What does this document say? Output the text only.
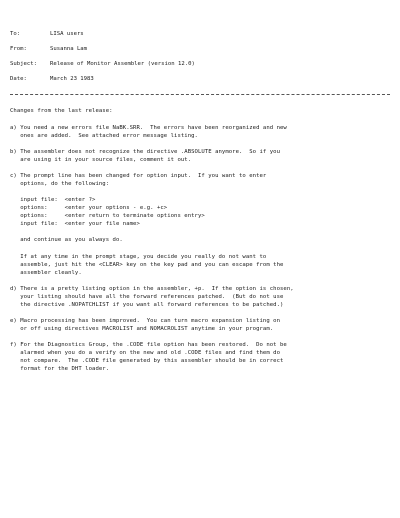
To:	LISA users
From:	Susanna Lam
Subject: Release of Monitor Assembler (version 12.0)
Date:	March 23 1983
Changes from the last release:
a) You need a new errors file NaBK.SRR.  The errors have been reorganized and new
ones are added.  See attached error message listing.
b) The assembler does not recognize the directive .ABSOLUTE anymore.  So if you
are using it in your source files, comment it out.
c) The prompt line has been changed for option input.  If you want to enter
options, do the following:
input file:  <enter ?>
options:     <enter your options - e.g. +c>
options:     <enter return to terminate options entry>
input file:  <enter your file name>
and continue as you always do.
If at any time in the prompt stage, you decide you really do not want to
assemble, just hit the <CLEAR> key on the key pad and you can escape from the
assembler cleanly.
d) There is a pretty listing option in the assembler, +p.  If the option is chosen,
your listing should have all the forward references patched.  (But do not use
the directive .NOPATCHLIST if you want all forward references to be patched.)
e) Macro processing has been improved.  You can turn macro expansion listing on
or off using directives MACROLIST and NOMACROLIST anytime in your program.
f) For the Diagnostics Group, the .CODE file option has been restored.  Do not be
alarmed when you do a verify on the new and old .CODE files and find them do
not compare.  The .CODE file generated by this assembler should be in correct
format for the DHT loader.
